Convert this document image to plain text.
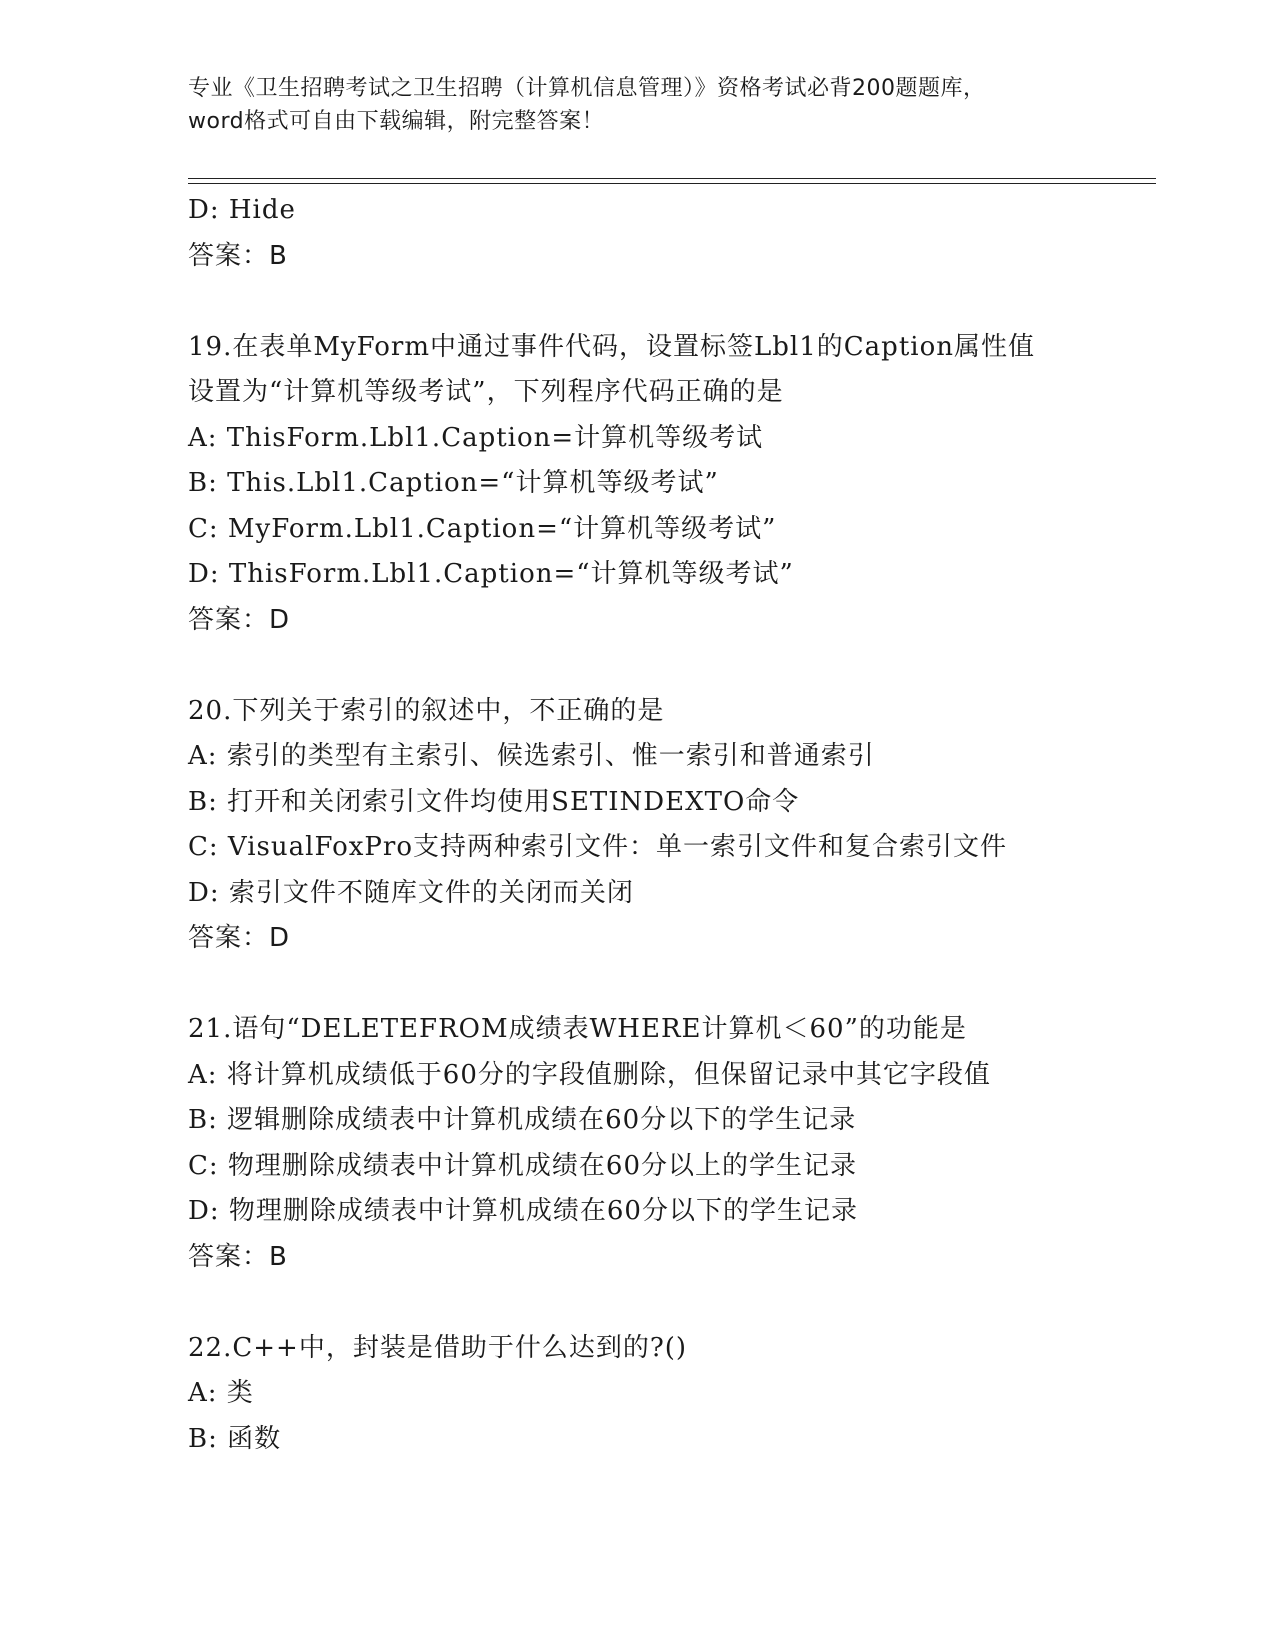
专业《卫生招聘考试之卫生招聘（计算机信息管理）》资格考试必背200题题库，
word格式可自由下载编辑，附完整答案！
D: Hide
答案：B
19.在表单MyForm中通过事件代码，设置标签Lbl1的Caption属性值
设置为“计算机等级考试”，下列程序代码正确的是
A: ThisForm.Lbl1.Caption=计算机等级考试
B: This.Lbl1.Caption=“计算机等级考试”
C: MyForm.Lbl1.Caption=“计算机等级考试”
D: ThisForm.Lbl1.Caption=“计算机等级考试”
答案：D
20.下列关于索引的叙述中，不正确的是
A: 索引的类型有主索引、候选索引、惟一索引和普通索引
B: 打开和关闭索引文件均使用SETINDEXTO命令
C: VisualFoxPro支持两种索引文件：单一索引文件和复合索引文件
D: 索引文件不随库文件的关闭而关闭
答案：D
21.语句“DELETEFROM成绩表WHERE计算机＜60”的功能是
A: 将计算机成绩低于60分的字段值删除，但保留记录中其它字段值
B: 逻辑删除成绩表中计算机成绩在60分以下的学生记录
C: 物理删除成绩表中计算机成绩在60分以上的学生记录
D: 物理删除成绩表中计算机成绩在60分以下的学生记录
答案：B
22.C++中，封装是借助于什么达到的?()
A: 类
B: 函数
